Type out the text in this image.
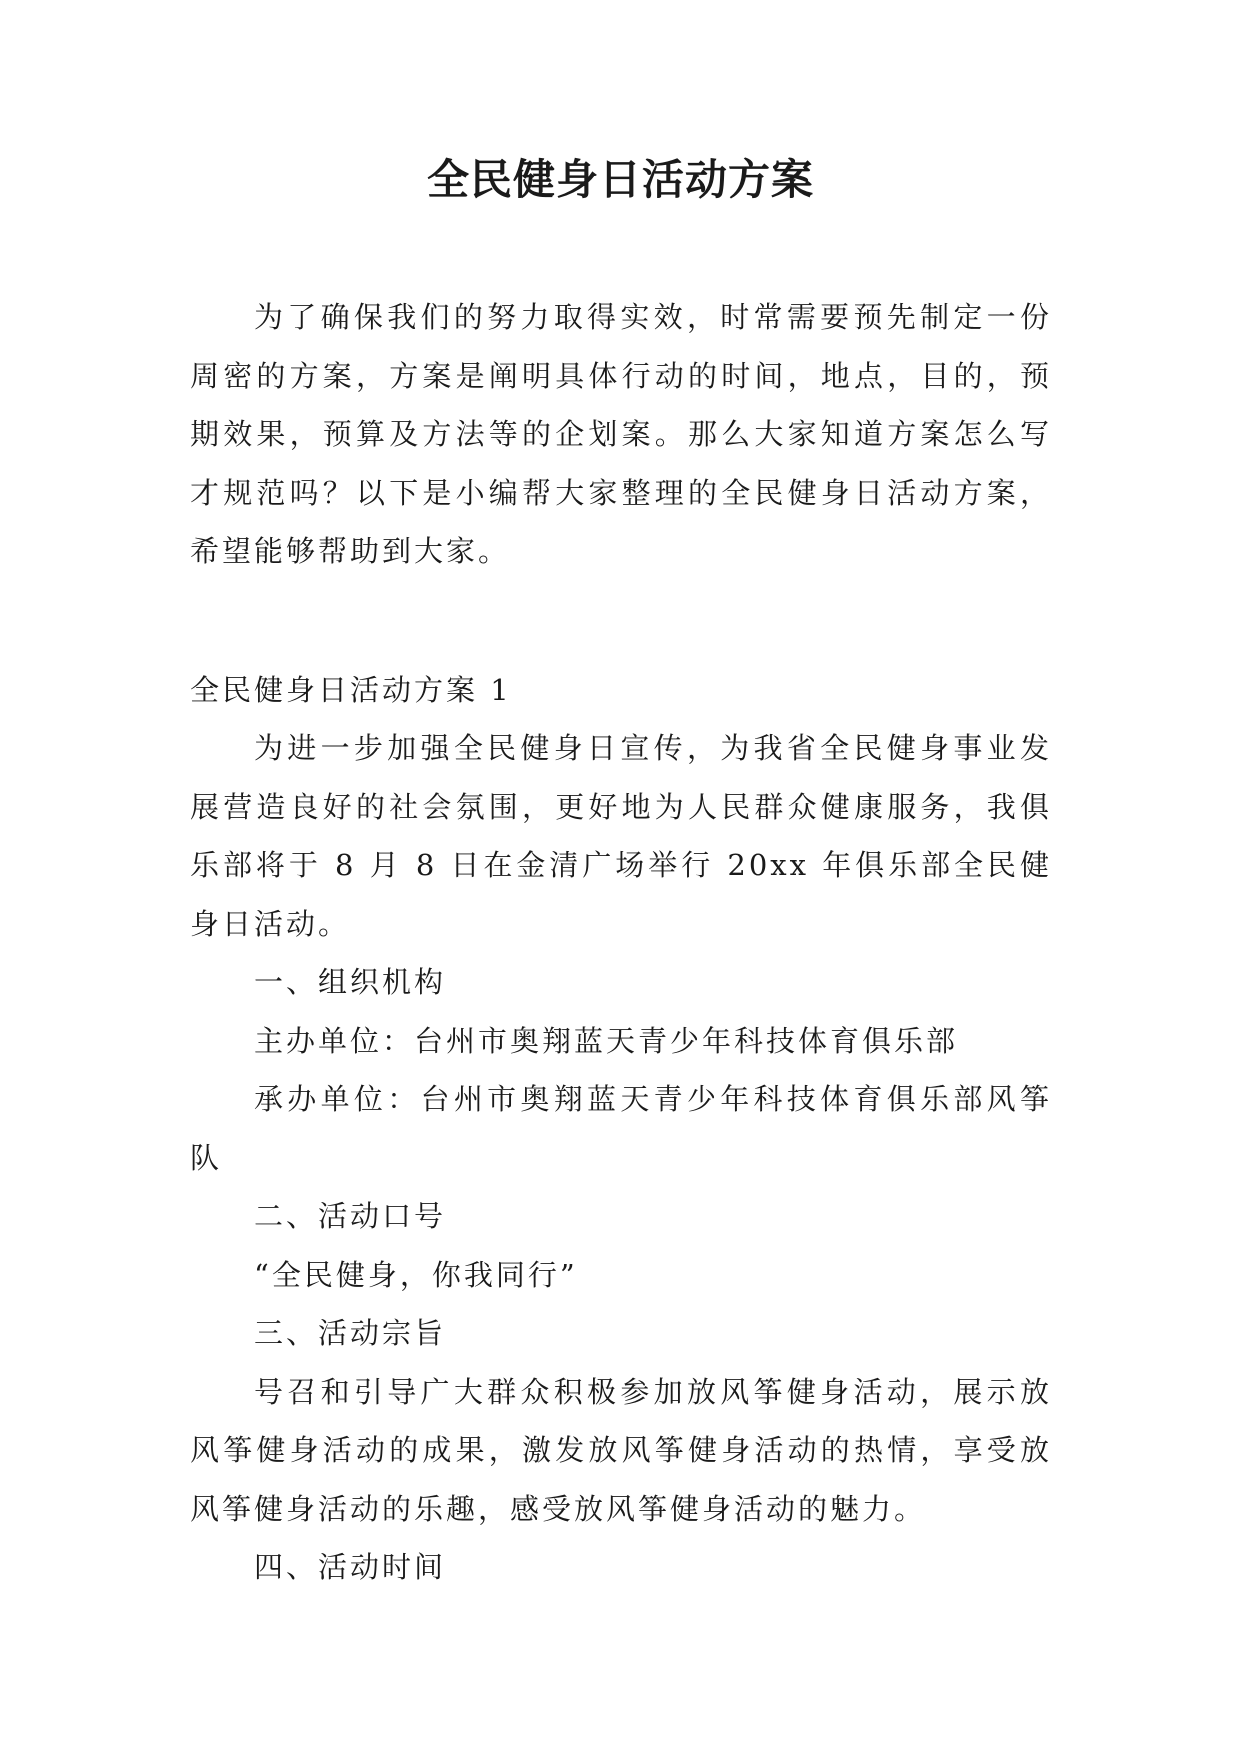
全民健身日活动方案

为了确保我们的努力取得实效，时常需要预先制定一份周密的方案，方案是阐明具体行动的时间，地点，目的，预期效果，预算及方法等的企划案。那么大家知道方案怎么写才规范吗？以下是小编帮大家整理的全民健身日活动方案，希望能够帮助到大家。

全民健身日活动方案 1

为进一步加强全民健身日宣传，为我省全民健身事业发展营造良好的社会氛围，更好地为人民群众健康服务，我俱乐部将于 8 月 8 日在金清广场举行 20xx 年俱乐部全民健身日活动。

一、组织机构

主办单位：台州市奥翔蓝天青少年科技体育俱乐部

承办单位：台州市奥翔蓝天青少年科技体育俱乐部风筝队

二、活动口号

“全民健身，你我同行”

三、活动宗旨

号召和引导广大群众积极参加放风筝健身活动，展示放风筝健身活动的成果，激发放风筝健身活动的热情，享受放风筝健身活动的乐趣，感受放风筝健身活动的魅力。

四、活动时间
